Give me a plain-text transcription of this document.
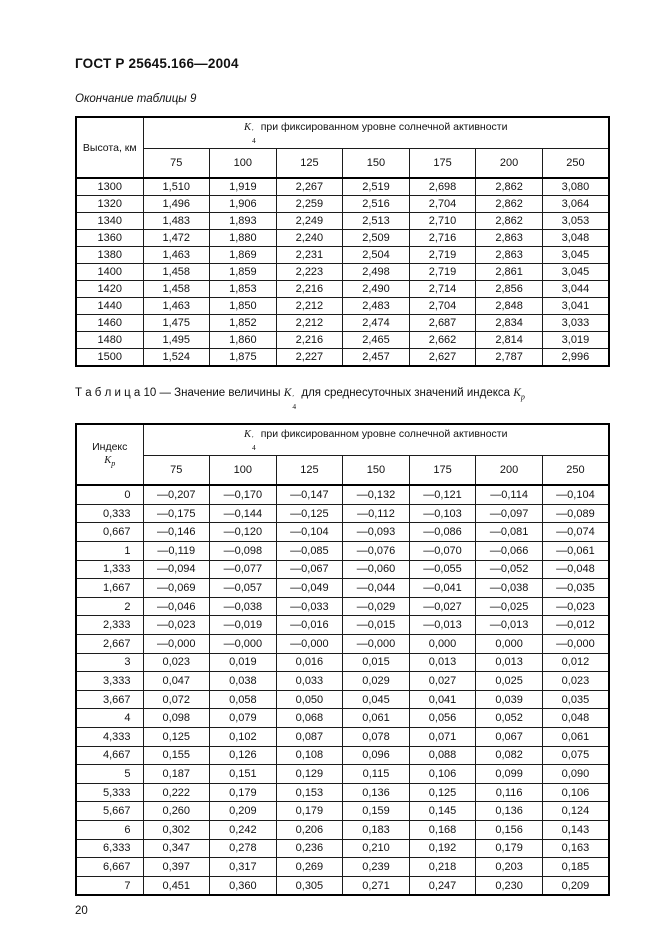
ГОСТ Р 25645.166—2004
Окончание таблицы 9
Высота, км	K ′
4
при фиксированном уровне солнечной активности						
	75	100	125	150	175	200	250
1300	1,510	1,919	2,267	2,519	2,698	2,862	3,080
1320	1,496	1,906	2,259	2,516	2,704	2,862	3,064
1340	1,483	1,893	2,249	2,513	2,710	2,862	3,053
1360	1,472	1,880	2,240	2,509	2,716	2,863	3,048
1380	1,463	1,869	2,231	2,504	2,719	2,863	3,045
1400	1,458	1,859	2,223	2,498	2,719	2,861	3,045
1420	1,458	1,853	2,216	2,490	2,714	2,856	3,044
1440	1,463	1,850	2,212	2,483	2,704	2,848	3,041
1460	1,475	1,852	2,212	2,474	2,687	2,834	3,033
1480	1,495	1,860	2,216	2,465	2,662	2,814	3,019
1500	1,524	1,875	2,227	2,457	2,627	2,787	2,996
Т а б л и ц а 10 — Значение величины K ′
4
для среднесуточных значений индекса $K_p$
Индекс
$K_p$
	K ′
4
при фиксированном уровне солнечной активности
	75	100	125	150	175	200	250
0	—0,207	—0,170	—0,147	—0,132	—0,121	—0,114	—0,104
0,333	—0,175	—0,144	—0,125	—0,112	—0,103	—0,097	—0,089
0,667	—0,146	—0,120	—0,104	—0,093	—0,086	—0,081	—0,074
1	—0,119	—0,098	—0,085	—0,076	—0,070	—0,066	—0,061
1,333	—0,094	—0,077	—0,067	—0,060	—0,055	—0,052	—0,048
1,667	—0,069	—0,057	—0,049	—0,044	—0,041	—0,038	—0,035
2	—0,046	—0,038	—0,033	—0,029	—0,027	—0,025	—0,023
2,333	—0,023	—0,019	—0,016	—0,015	—0,013	—0,013	—0,012
2,667	—0,000	—0,000	—0,000	—0,000	0,000	0,000	—0,000
3	0,023	0,019	0,016	0,015	0,013	0,013	0,012
3,333	0,047	0,038	0,033	0,029	0,027	0,025	0,023
3,667	0,072	0,058	0,050	0,045	0,041	0,039	0,035
4	0,098	0,079	0,068	0,061	0,056	0,052	0,048
4,333	0,125	0,102	0,087	0,078	0,071	0,067	0,061
4,667	0,155	0,126	0,108	0,096	0,088	0,082	0,075
5	0,187	0,151	0,129	0,115	0,106	0,099	0,090
5,333	0,222	0,179	0,153	0,136	0,125	0,116	0,106
5,667	0,260	0,209	0,179	0,159	0,145	0,136	0,124
6	0,302	0,242	0,206	0,183	0,168	0,156	0,143
6,333	0,347	0,278	0,236	0,210	0,192	0,179	0,163
6,667	0,397	0,317	0,269	0,239	0,218	0,203	0,185
7	0,451	0,360	0,305	0,271	0,247	0,230	0,209
20
